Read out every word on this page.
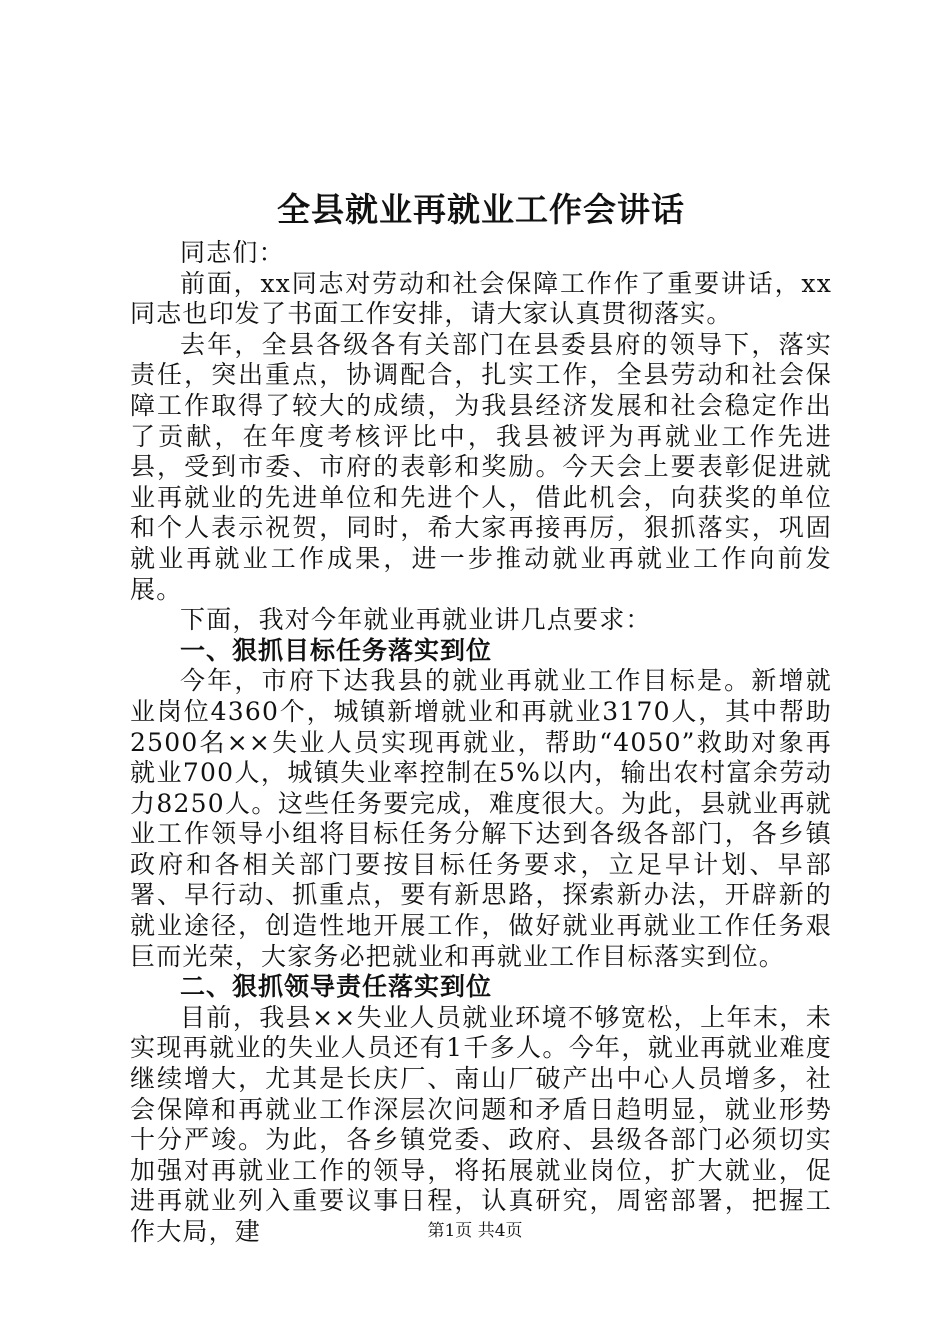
全县就业再就业工作会讲话

同志们：

前面，xx同志对劳动和社会保障工作作了重要讲话，xx同志也印发了书面工作安排，请大家认真贯彻落实。

去年，全县各级各有关部门在县委县府的领导下，落实责任，突出重点，协调配合，扎实工作，全县劳动和社会保障工作取得了较大的成绩，为我县经济发展和社会稳定作出了贡献，在年度考核评比中，我县被评为再就业工作先进县，受到市委、市府的表彰和奖励。今天会上要表彰促进就业再就业的先进单位和先进个人，借此机会，向获奖的单位和个人表示祝贺，同时，希大家再接再厉，狠抓落实，巩固就业再就业工作成果，进一步推动就业再就业工作向前发展。

下面，我对今年就业再就业讲几点要求：

一、狠抓目标任务落实到位

今年，市府下达我县的就业再就业工作目标是。新增就业岗位4360个，城镇新增就业和再就业3170人，其中帮助2500名××失业人员实现再就业，帮助“4050”救助对象再就业700人，城镇失业率控制在5%以内，输出农村富余劳动力8250人。这些任务要完成，难度很大。为此，县就业再就业工作领导小组将目标任务分解下达到各级各部门，各乡镇政府和各相关部门要按目标任务要求，立足早计划、早部署、早行动、抓重点，要有新思路，探索新办法，开辟新的就业途径，创造性地开展工作，做好就业再就业工作任务艰巨而光荣，大家务必把就业和再就业工作目标落实到位。

二、狠抓领导责任落实到位

目前，我县××失业人员就业环境不够宽松，上年末，未实现再就业的失业人员还有1千多人。今年，就业再就业难度继续增大，尤其是长庆厂、南山厂破产出中心人员增多，社会保障和再就业工作深层次问题和矛盾日趋明显，就业形势十分严竣。为此，各乡镇党委、政府、县级各部门必须切实加强对再就业工作的领导，将拓展就业岗位，扩大就业，促进再就业列入重要议事日程，认真研究，周密部署，把握工作大局，建	第1页 共4页
